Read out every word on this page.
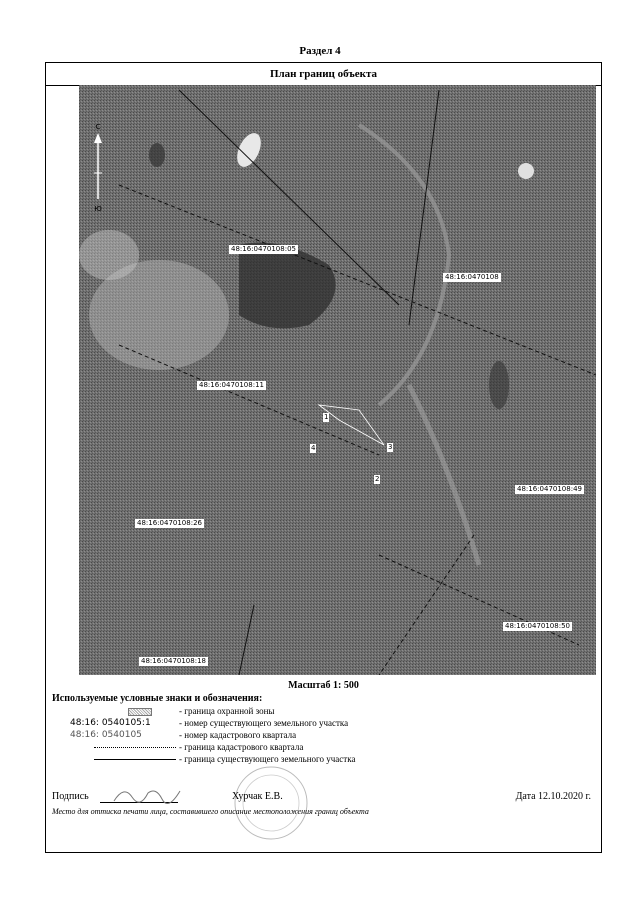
Раздел 4
План границ объекта
С
Ю
48:16:0470108:05
48:16:0470108
48:16:0470108:11
48:16:0470108:49
48:16:0470108:26
48:16:0470108:50
48:16:0470108:18
1
2
3
4
Масштаб 1: 500
Используемые условные знаки и обозначения:
- граница охранной зоны
48:16: 0540105:1	- номер существующего земельного участка
48:16: 0540105	- номер кадастрового квартала
- граница кадастрового квартала
- граница существующего земельного участка
Подпись	Хурчак Е.В.	Дата 12.10.2020 г.
Место для оттиска печати лица, составившего описание местоположения границ объекта
